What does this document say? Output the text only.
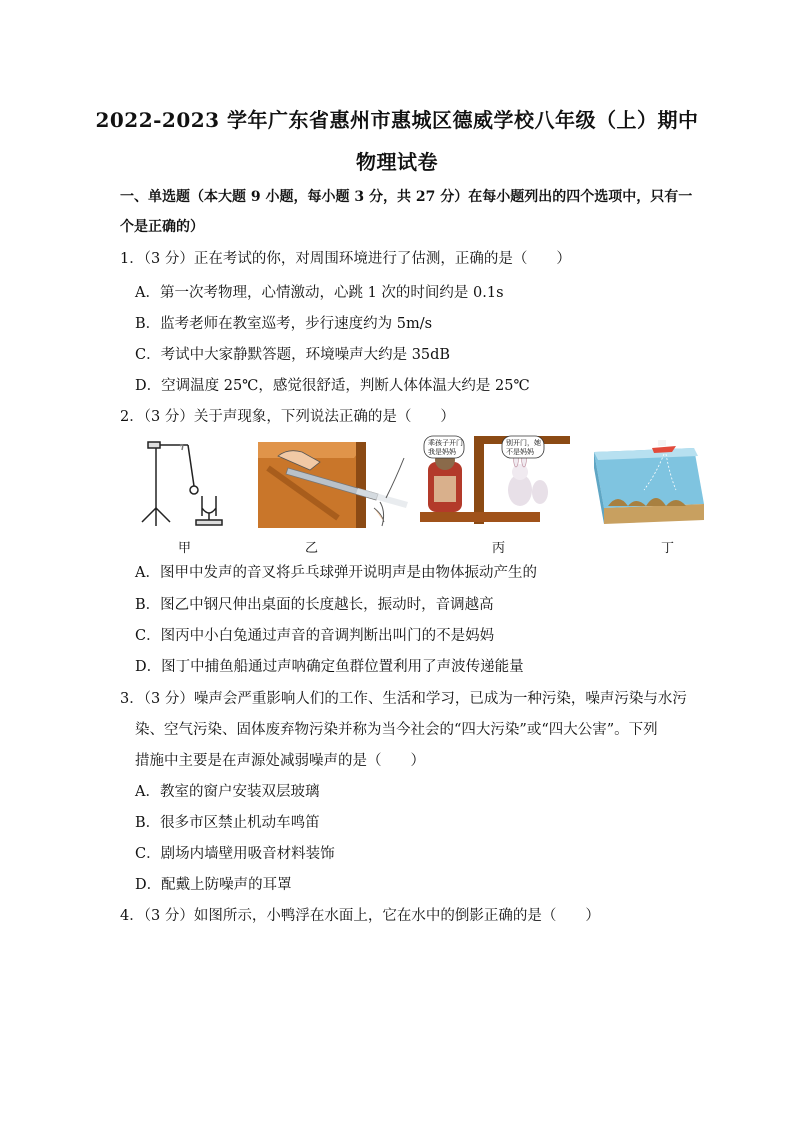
2022-2023 学年广东省惠州市惠城区德威学校八年级（上）期中
物理试卷
一、单选题（本大题 9 小题，每小题 3 分，共 27 分）在每小题列出的四个选项中，只有一
个是正确的）
1．（3 分）正在考试的你，对周围环境进行了估测，正确的是（　　）
A．第一次考物理，心情激动，心跳 1 次的时间约是 0.1s
B．监考老师在教室巡考，步行速度约为 5m/s
C．考试中大家静默答题，环境噪声大约是 35dB
D．空调温度 25℃，感觉很舒适，判断人体体温大约是 25℃
2．（3 分）关于声现象，下列说法正确的是（　　）
甲	乙
乖孩子开门
我是妈妈
别开门，她
不是妈妈
丙	丁
A．图甲中发声的音叉将乒乓球弹开说明声是由物体振动产生的
B．图乙中钢尺伸出桌面的长度越长，振动时，音调越高
C．图丙中小白兔通过声音的音调判断出叫门的不是妈妈
D．图丁中捕鱼船通过声呐确定鱼群位置利用了声波传递能量
3．（3 分）噪声会严重影响人们的工作、生活和学习，已成为一种污染，噪声污染与水污
染、空气污染、固体废弃物污染并称为当今社会的“四大污染”或“四大公害”。下列
措施中主要是在声源处减弱噪声的是（　　）
A．教室的窗户安装双层玻璃
B．很多市区禁止机动车鸣笛
C．剧场内墙壁用吸音材料装饰
D．配戴上防噪声的耳罩
4．（3 分）如图所示，小鸭浮在水面上，它在水中的倒影正确的是（　　）
